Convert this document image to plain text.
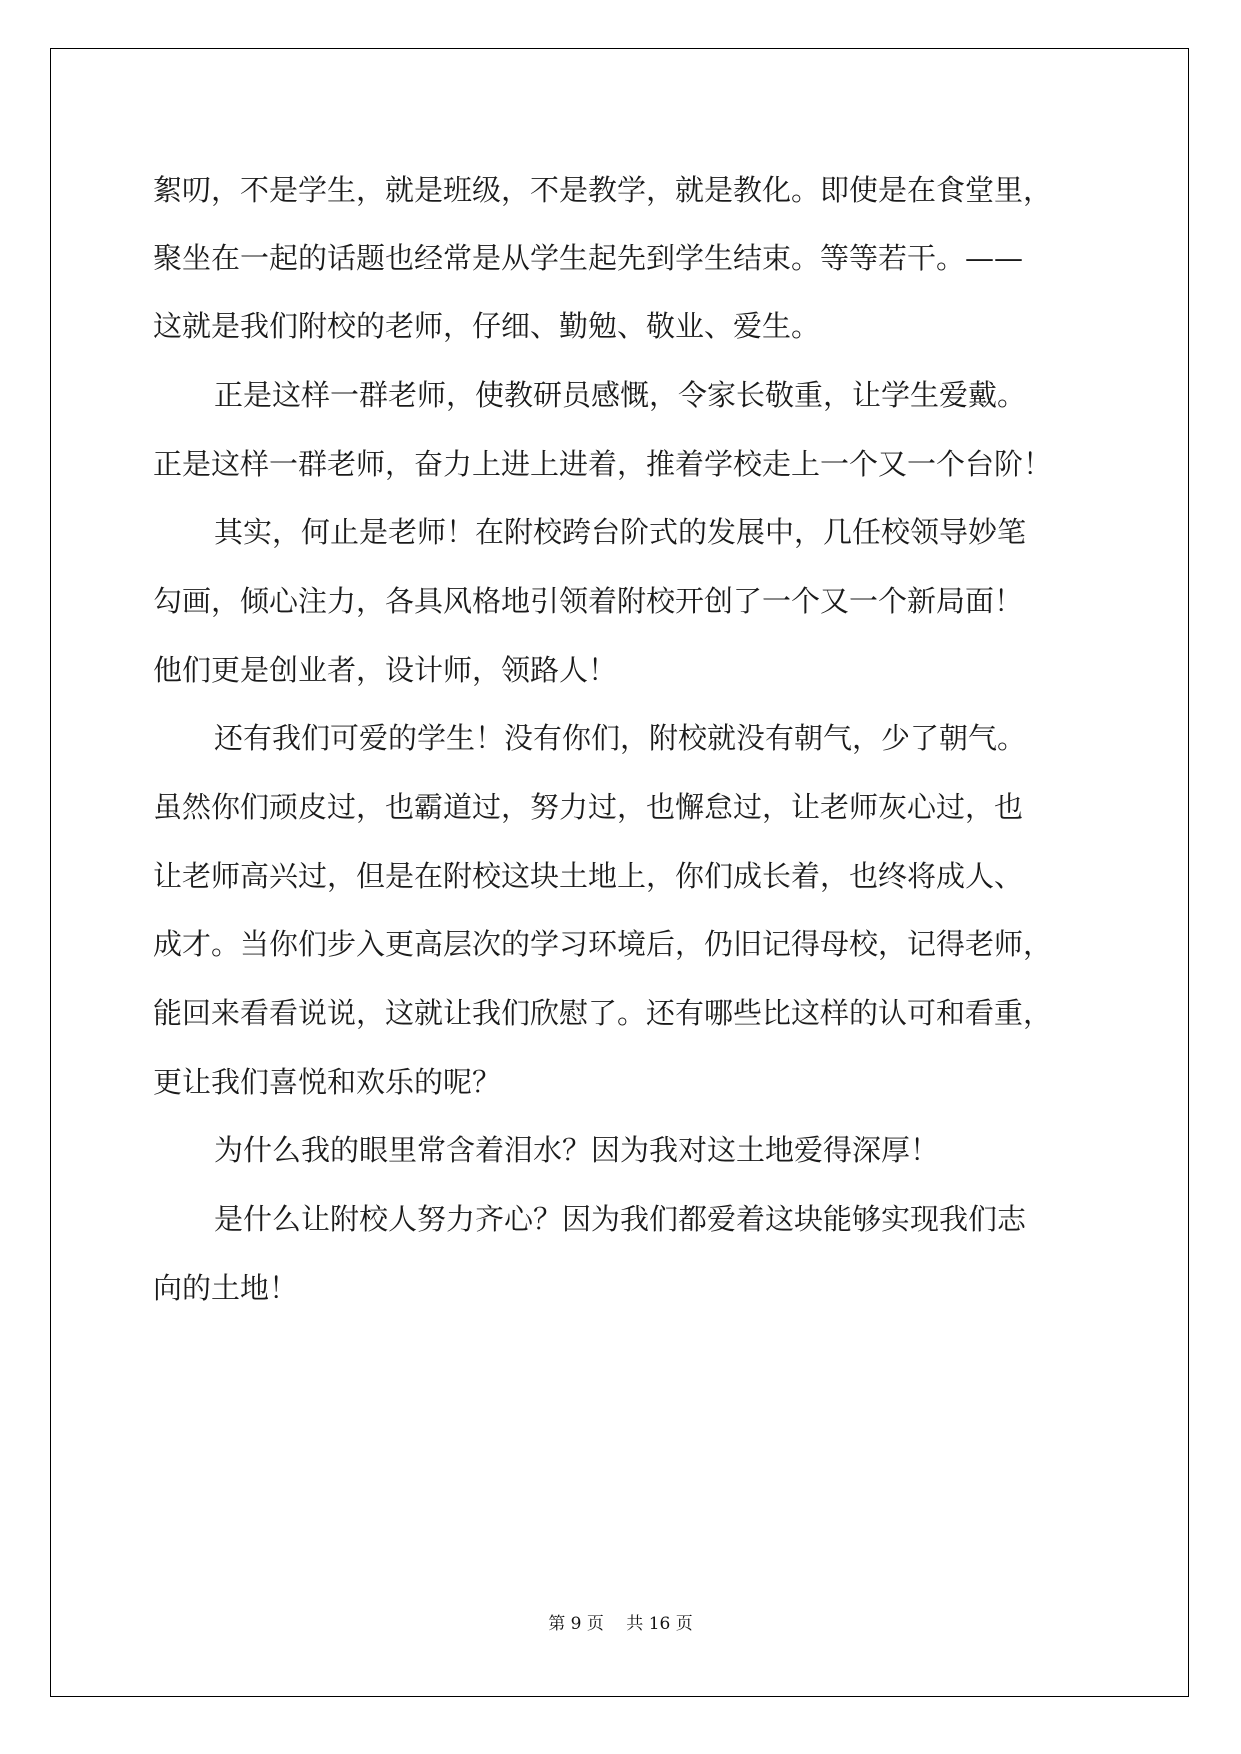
絮叨，不是学生，就是班级，不是教学，就是教化。即使是在食堂里，
聚坐在一起的话题也经常是从学生起先到学生结束。等等若干。——
这就是我们附校的老师，仔细、勤勉、敬业、爱生。
正是这样一群老师，使教研员感慨，令家长敬重，让学生爱戴。
正是这样一群老师，奋力上进上进着，推着学校走上一个又一个台阶！
其实，何止是老师！在附校跨台阶式的发展中，几任校领导妙笔
勾画，倾心注力，各具风格地引领着附校开创了一个又一个新局面！
他们更是创业者，设计师，领路人！
还有我们可爱的学生！没有你们，附校就没有朝气，少了朝气。
虽然你们顽皮过，也霸道过，努力过，也懈怠过，让老师灰心过，也
让老师高兴过，但是在附校这块土地上，你们成长着，也终将成人、
成才。当你们步入更高层次的学习环境后，仍旧记得母校，记得老师，
能回来看看说说，这就让我们欣慰了。还有哪些比这样的认可和看重，
更让我们喜悦和欢乐的呢？
为什么我的眼里常含着泪水？因为我对这土地爱得深厚！
是什么让附校人努力齐心？因为我们都爱着这块能够实现我们志
向的土地！
第 9 页　 共 16 页
